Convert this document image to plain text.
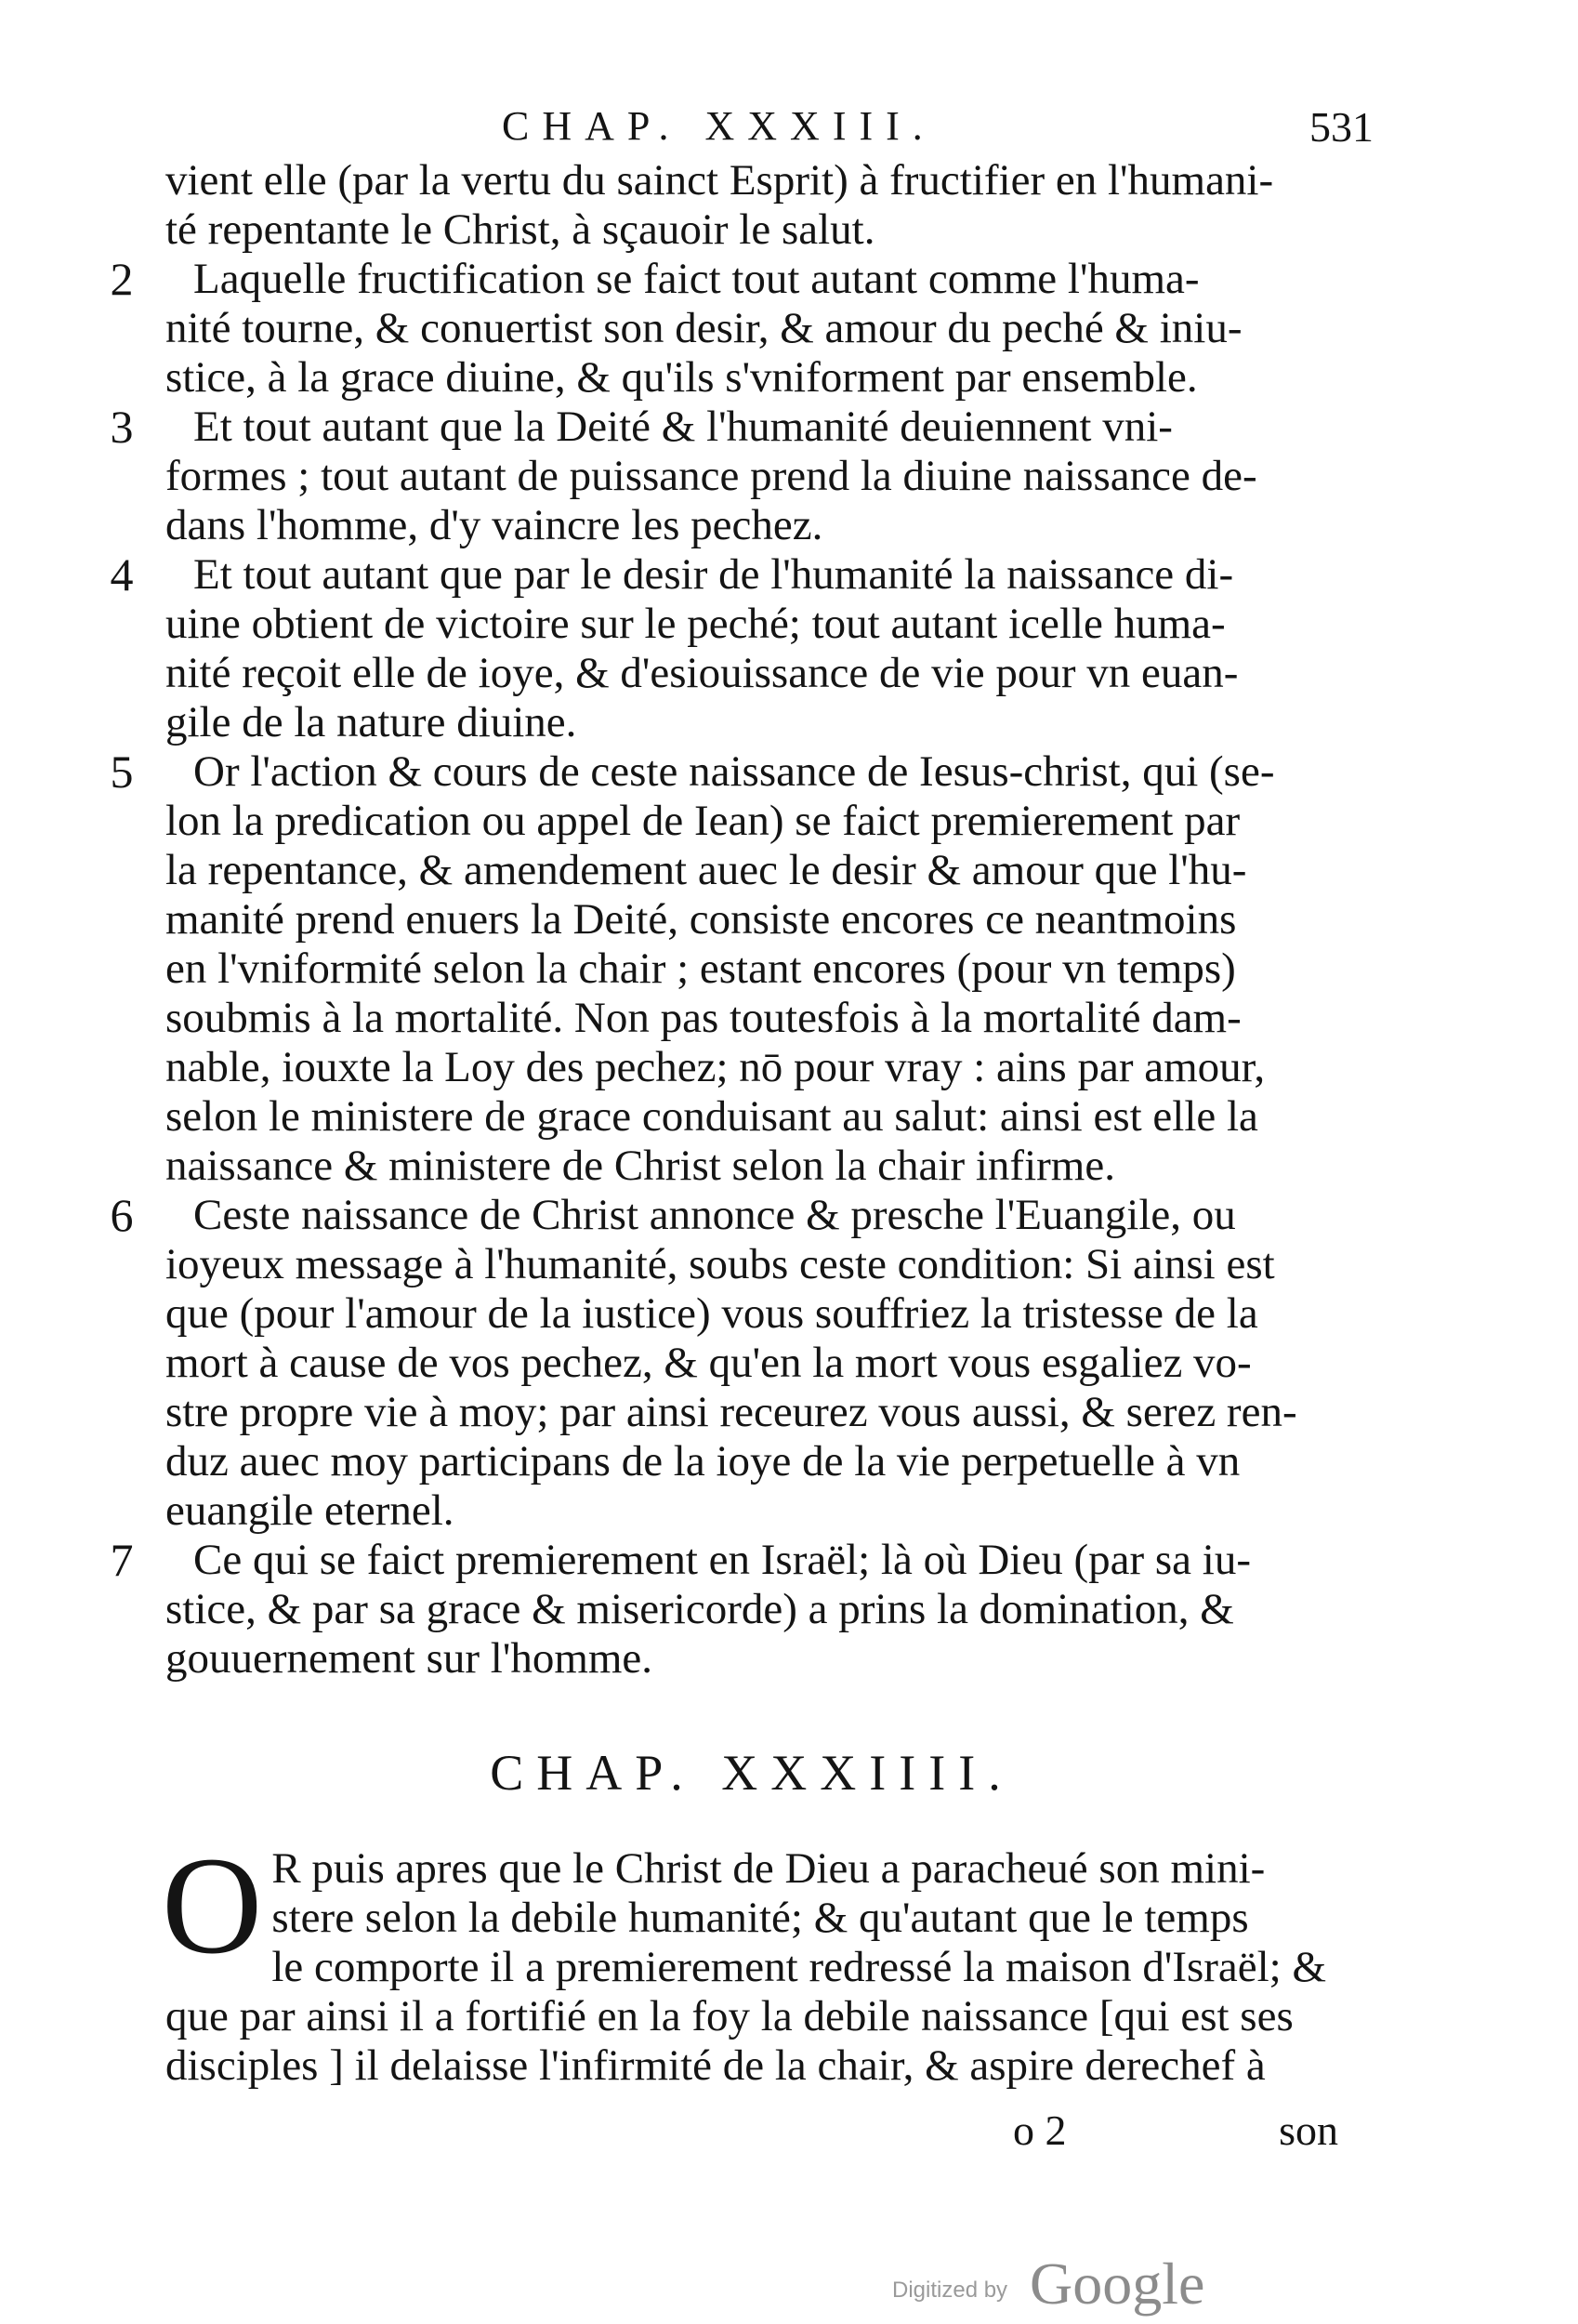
CHAP. XXXIII.	531

vient elle (par la vertu du sainct Esprit) à fructifier en l'humani-
té repentante le Christ, à sçauoir le salut.

2	Laquelle fructification se faict tout autant comme l'huma-
nité tourne, & conuertist son desir, & amour du peché & iniu-
stice, à la grace diuine, & qu'ils s'vniforment par ensemble.

3	Et tout autant que la Deité & l'humanité deuiennent vni-
formes ; tout autant de puissance prend la diuine naissance de-
dans l'homme, d'y vaincre les pechez.

4	Et tout autant que par le desir de l'humanité la naissance di-
uine obtient de victoire sur le peché; tout autant icelle huma-
nité reçoit elle de ioye, & d'esiouissance de vie pour vn euan-
gile de la nature diuine.

5	Or l'action & cours de ceste naissance de Iesus-christ, qui (se-
lon la predication ou appel de Iean) se faict premierement par
la repentance, & amendement auec le desir & amour que l'hu-
manité prend enuers la Deité, consiste encores ce neantmoins
en l'vniformité selon la chair ; estant encores (pour vn temps)
soubmis à la mortalité. Non pas toutesfois à la mortalité dam-
nable, iouxte la Loy des pechez; nō pour vray : ains par amour,
selon le ministere de grace conduisant au salut: ainsi est elle la
naissance & ministere de Christ selon la chair infirme.

6	Ceste naissance de Christ annonce & presche l'Euangile, ou
ioyeux message à l'humanité, soubs ceste condition: Si ainsi est
que (pour l'amour de la iustice) vous souffriez la tristesse de la
mort à cause de vos pechez, & qu'en la mort vous esgaliez vo-
stre propre vie à moy; par ainsi receurez vous aussi, & serez ren-
duz auec moy participans de la ioye de la vie perpetuelle à vn
euangile eternel.

7	Ce qui se faict premierement en Israël; là où Dieu (par sa iu-
stice, & par sa grace & misericorde) a prins la domination, &
gouuernement sur l'homme.

CHAP. XXXIIII.

O R puis apres que le Christ de Dieu a paracheué son mini-
stere selon la debile humanité; & qu'autant que le temps
le comporte il a premierement redressé la maison d'Israël; &
que par ainsi il a fortifié en la foy la debile naissance [qui est ses
disciples ] il delaisse l'infirmité de la chair, & aspire derechef à

o 2	son
Digitized by Google
